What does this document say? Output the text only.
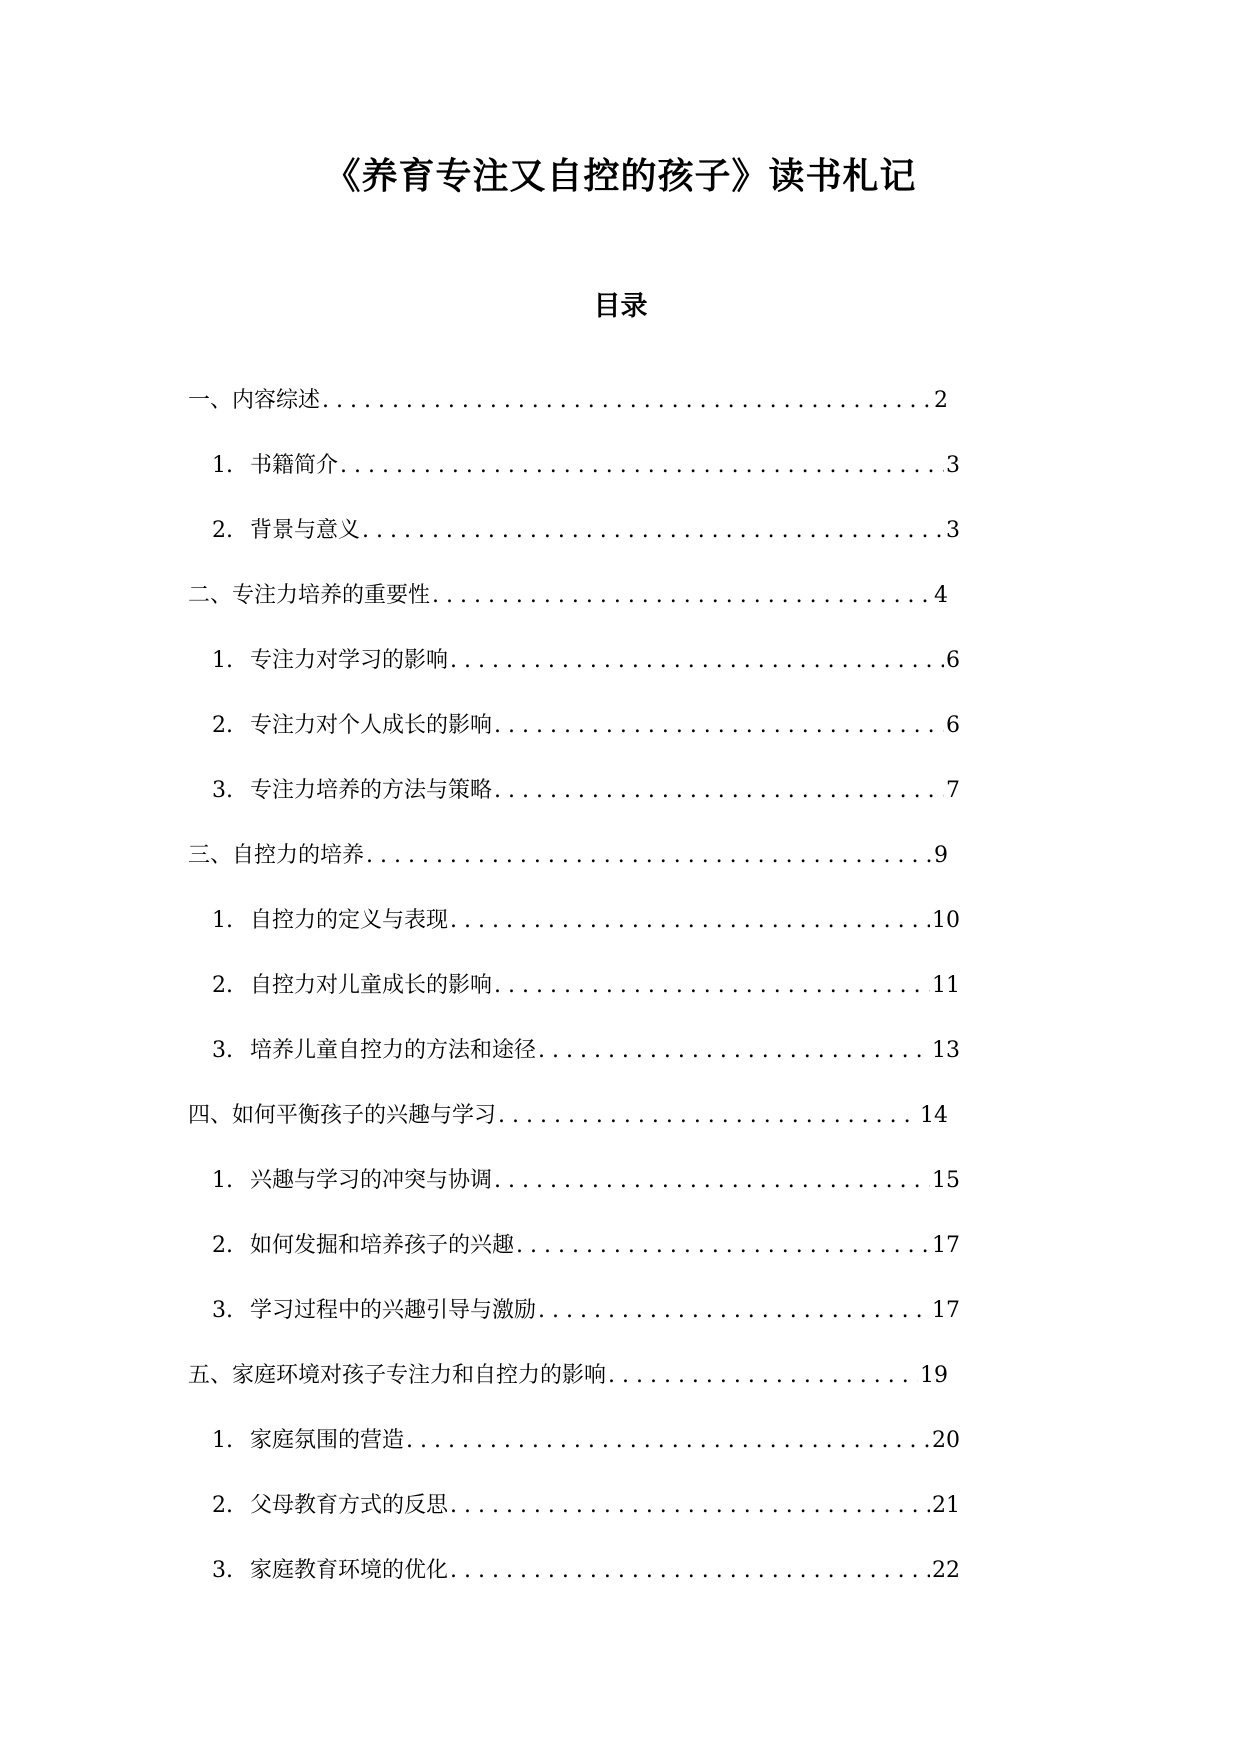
《养育专注又自控的孩子》读书札记
目录
一、内容综述 . . .	2
1. 书籍简介 . . .	3
2. 背景与意义 . . .	3
二、专注力培养的重要性 . . .	4
1. 专注力对学习的影响 . . .	6
2. 专注力对个人成长的影响 . . .	6
3. 专注力培养的方法与策略 . . .	7
三、自控力的培养 . . .	9
1. 自控力的定义与表现 . . .	10
2. 自控力对儿童成长的影响 . . .	11
3. 培养儿童自控力的方法和途径 . . .	13
四、如何平衡孩子的兴趣与学习 . . .	14
1. 兴趣与学习的冲突与协调 . . .	15
2. 如何发掘和培养孩子的兴趣 . . .	17
3. 学习过程中的兴趣引导与激励 . . .	17
五、家庭环境对孩子专注力和自控力的影响 . . .	19
1. 家庭氛围的营造 . . .	20
2. 父母教育方式的反思 . . .	21
3. 家庭教育环境的优化 . . .	22
